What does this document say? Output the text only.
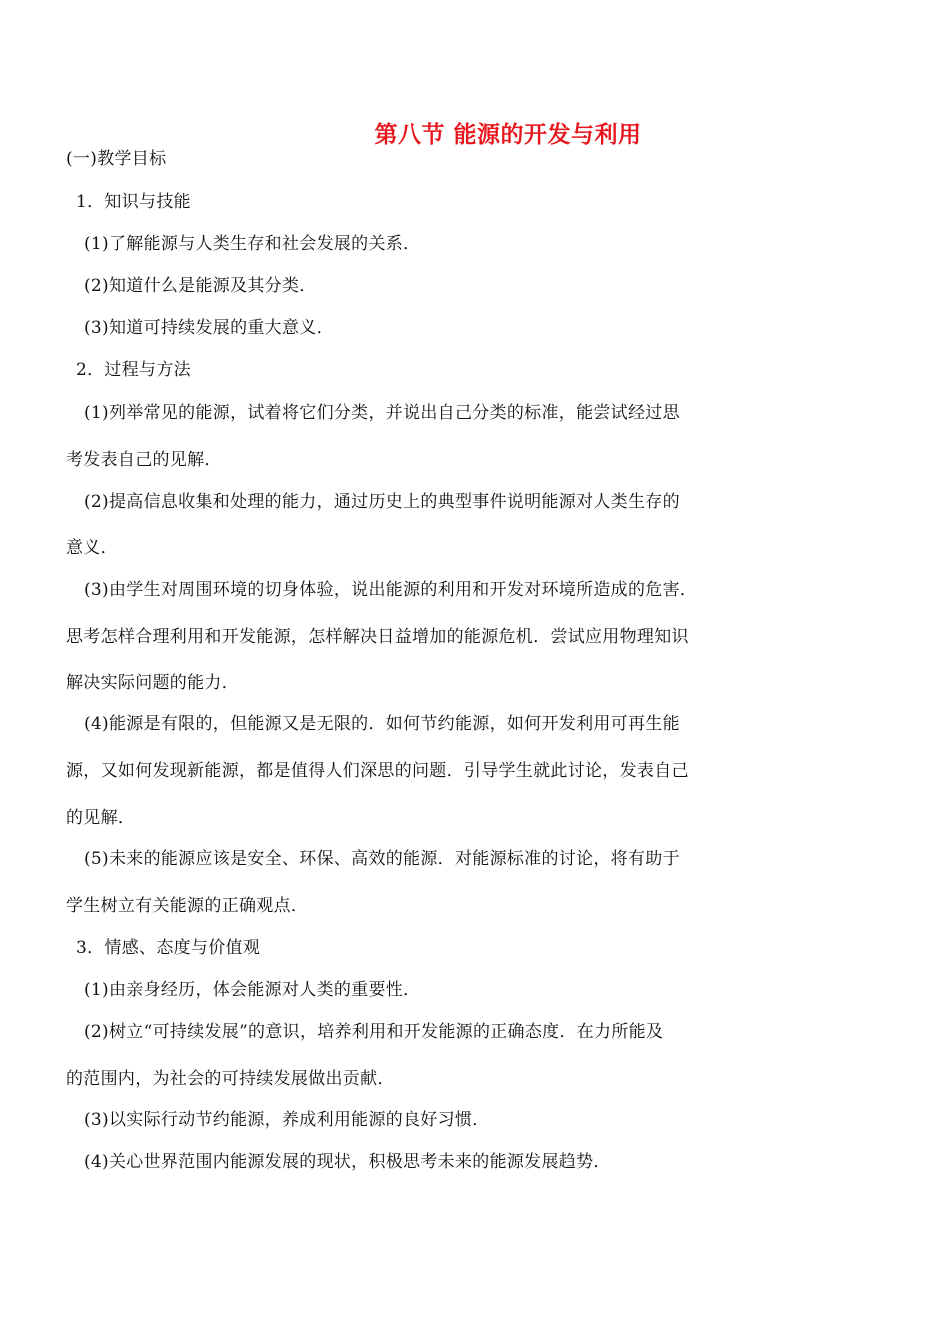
第八节 能源的开发与利用
(一)教学目标
1．知识与技能
(1)了解能源与人类生存和社会发展的关系．
(2)知道什么是能源及其分类．
(3)知道可持续发展的重大意义．
2．过程与方法
(1)列举常见的能源，试着将它们分类，并说出自己分类的标准，能尝试经过思
考发表自己的见解．
(2)提高信息收集和处理的能力，通过历史上的典型事件说明能源对人类生存的
意义．
(3)由学生对周围环境的切身体验，说出能源的利用和开发对环境所造成的危害．
思考怎样合理利用和开发能源，怎样解决日益增加的能源危机．尝试应用物理知识
解决实际问题的能力．
(4)能源是有限的，但能源又是无限的．如何节约能源，如何开发利用可再生能
源，又如何发现新能源，都是值得人们深思的问题．引导学生就此讨论，发表自己
的见解．
(5)未来的能源应该是安全、环保、高效的能源．对能源标准的讨论，将有助于
学生树立有关能源的正确观点．
3．情感、态度与价值观
(1)由亲身经历，体会能源对人类的重要性．
(2)树立“可持续发展”的意识，培养利用和开发能源的正确态度．在力所能及
的范围内，为社会的可持续发展做出贡献．
(3)以实际行动节约能源，养成利用能源的良好习惯．
(4)关心世界范围内能源发展的现状，积极思考未来的能源发展趋势．
